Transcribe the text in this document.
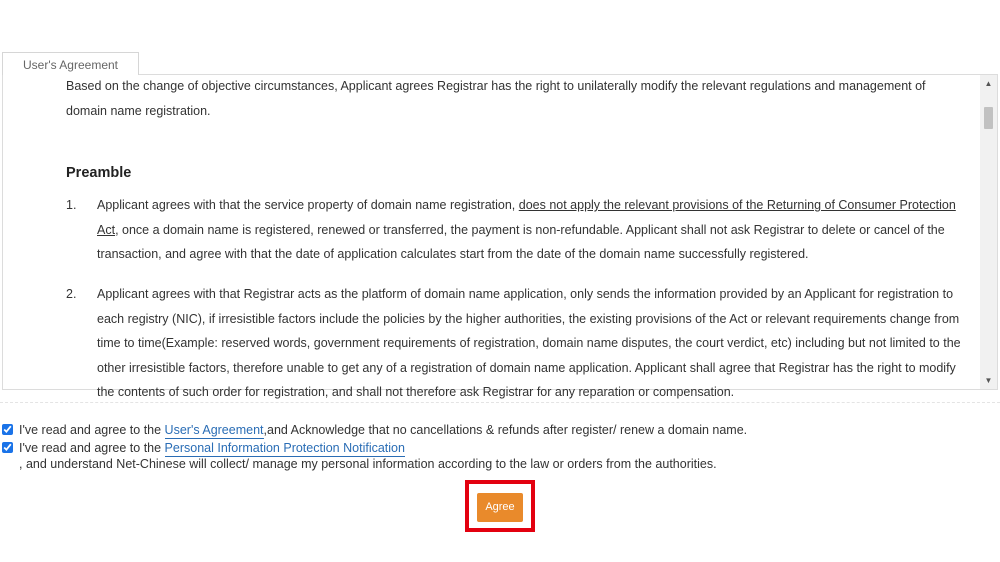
User's Agreement
Based on the change of objective circumstances, Applicant agrees Registrar has the right to unilaterally modify the relevant regulations and management of domain name registration.
Preamble
1.	Applicant agrees with that the service property of domain name registration, does not apply the relevant provisions of the Returning of Consumer Protection Act, once a domain name is registered, renewed or transferred, the payment is non-refundable. Applicant shall not ask Registrar to delete or cancel of the transaction, and agree with that the date of application calculates start from the date of the domain name successfully registered.
2.	Applicant agrees with that Registrar acts as the platform of domain name application, only sends the information provided by an Applicant for registration to each registry (NIC), if irresistible factors include the policies by the higher authorities, the existing provisions of the Act or relevant requirements change from time to time(Example: reserved words, government requirements of registration, domain name disputes, the court verdict, etc) including but not limited to the other irresistible factors, therefore unable to get any of a registration of domain name application. Applicant shall agree that Registrar has the right to modify the contents of such order for registration, and shall not therefore ask Registrar for any reparation or compensation.
▲
▼
I've read and agree to the User's Agreement,and Acknowledge that no cancellations & refunds after register/ renew a domain name.
I've read and agree to the Personal Information Protection Notification
, and understand Net-Chinese will collect/ manage my personal information according to the law or orders from the authorities.
Agree
